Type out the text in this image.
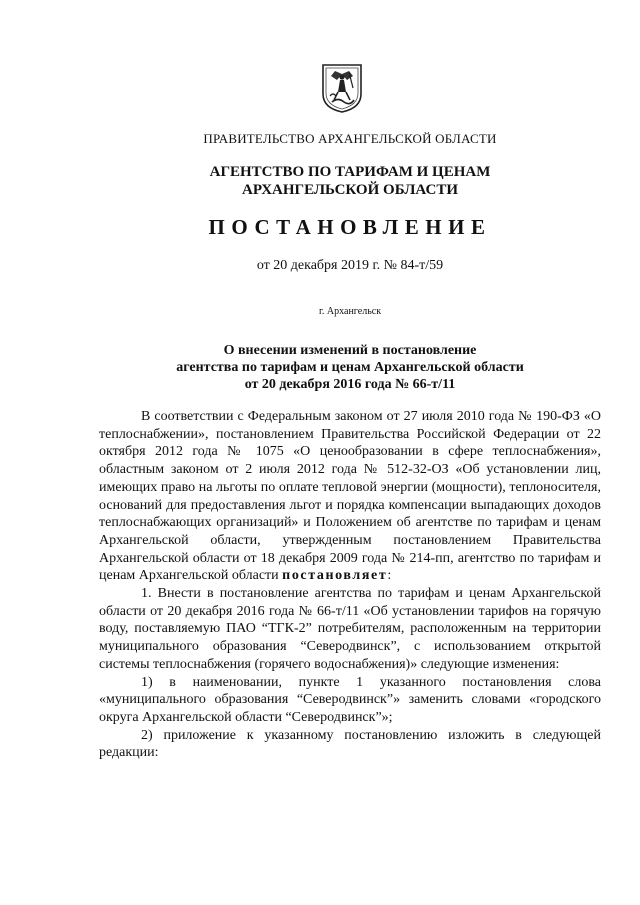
ПРАВИТЕЛЬСТВО АРХАНГЕЛЬСКОЙ ОБЛАСТИ
АГЕНТСТВО ПО ТАРИФАМ И ЦЕНАМ
АРХАНГЕЛЬСКОЙ ОБЛАСТИ
ПОСТАНОВЛЕНИЕ
от 20 декабря 2019 г. № 84-т/59
г. Архангельск
О внесении изменений в постановление
агентства по тарифам и ценам Архангельской области
от 20 декабря 2016 года № 66-т/11

В соответствии с Федеральным законом от 27 июля 2010 года № 190-ФЗ «О теплоснабжении», постановлением Правительства Российской Федерации от 22 октября 2012 года № 1075 «О ценообразовании в сфере теплоснабжения», областным законом от 2 июля 2012 года № 512-32-ОЗ «Об установлении лиц, имеющих право на льготы по оплате тепловой энергии (мощности), теплоносителя, оснований для предоставления льгот и порядка компенсации выпадающих доходов теплоснабжающих организаций» и Положением об агентстве по тарифам и ценам Архангельской области, утвержденным постановлением Правительства Архангельской области от 18 декабря 2009 года № 214-пп, агентство по тарифам и ценам Архангельской области постановляет:

1. Внести в постановление агентства по тарифам и ценам Архангельской области от 20 декабря 2016 года № 66-т/11 «Об установлении тарифов на горячую воду, поставляемую ПАО “ТГК-2” потребителям, расположенным на территории муниципального образования “Северодвинск”, с использованием открытой системы теплоснабжения (горячего водоснабжения)» следующие изменения:

1) в наименовании, пункте 1 указанного постановления слова «муниципального образования “Северодвинск”» заменить словами «городского округа Архангельской области “Северодвинск”»;

2) приложение к указанному постановлению изложить в следующей редакции:
